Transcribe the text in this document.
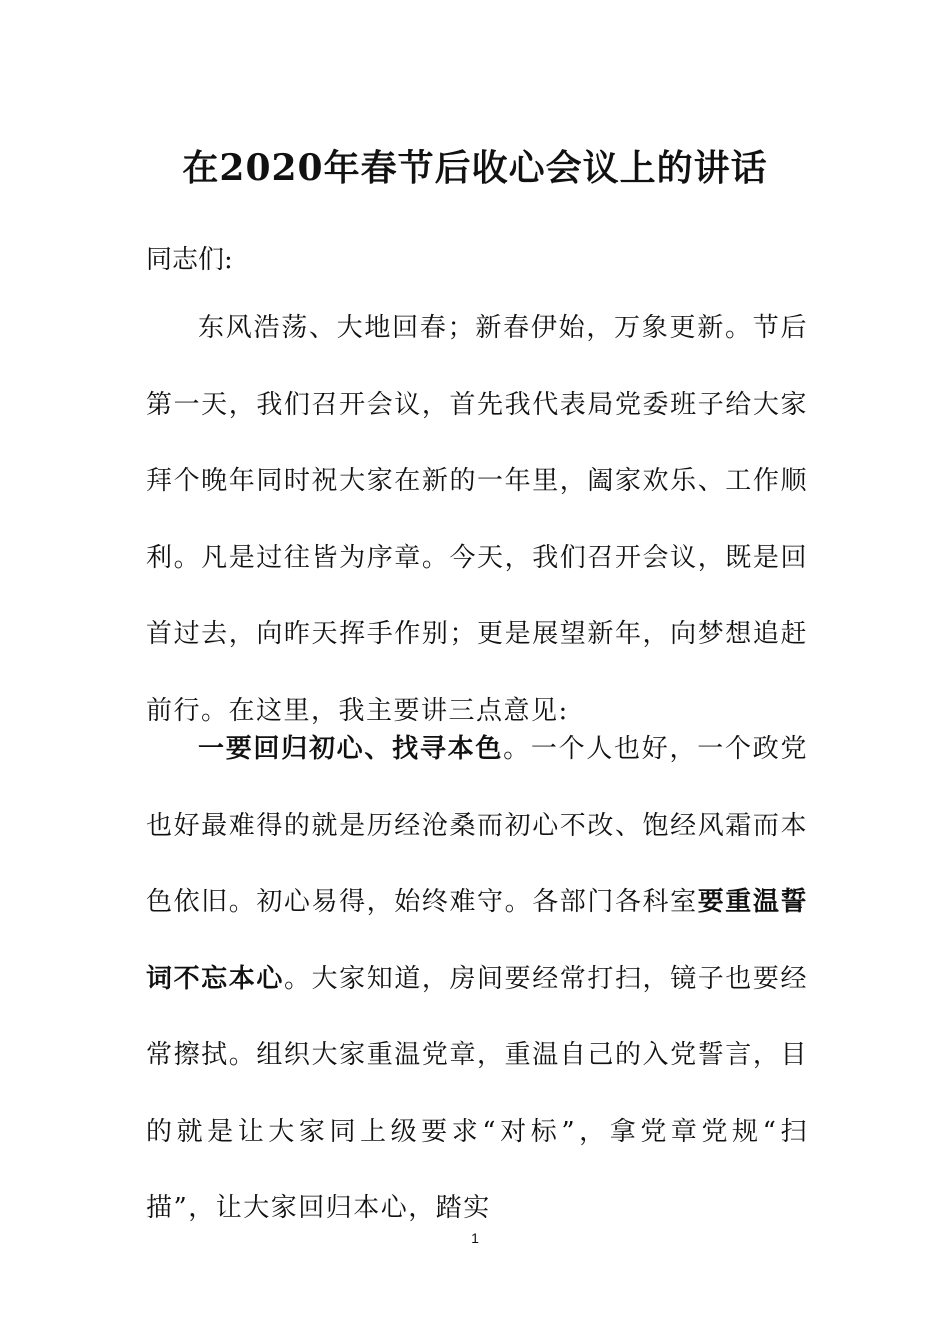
在2020年春节后收心会议上的讲话

同志们:

东风浩荡、大地回春；新春伊始，万象更新。节后第一天，我们召开会议，首先我代表局党委班子给大家拜个晚年同时祝大家在新的一年里，阖家欢乐、工作顺利。凡是过往皆为序章。今天，我们召开会议，既是回首过去，向昨天挥手作别；更是展望新年，向梦想追赶前行。在这里，我主要讲三点意见:

一要回归初心、找寻本色。一个人也好，一个政党也好最难得的就是历经沧桑而初心不改、饱经风霜而本色依旧。初心易得，始终难守。各部门各科室要重温誓词不忘本心。大家知道，房间要经常打扫，镜子也要经常擦拭。组织大家重温党章，重温自己的入党誓言，目的就是让大家同上级要求“对标”，拿党章党规“扫描”，让大家回归本心，踏实

1
